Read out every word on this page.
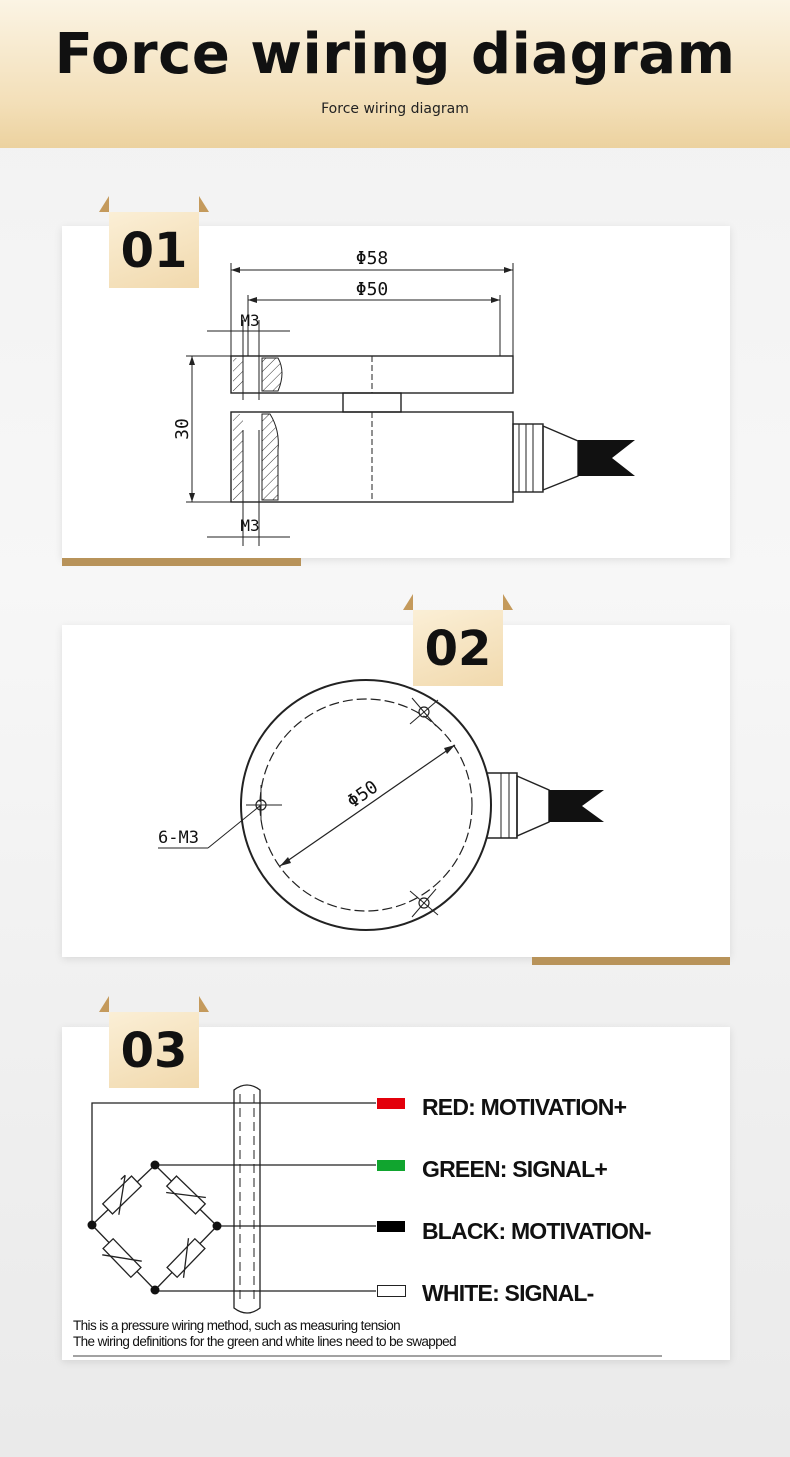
Force wiring diagram
Force wiring diagram
01	Φ58
Φ50
M3
M3
30
02
Φ50
6-M3
03
RED: MOTIVATION+
GREEN: SIGNAL+
BLACK: MOTIVATION-
WHITE: SIGNAL-
This is a pressure wiring method, such as measuring tension
The wiring definitions for the green and white lines need to be swapped
